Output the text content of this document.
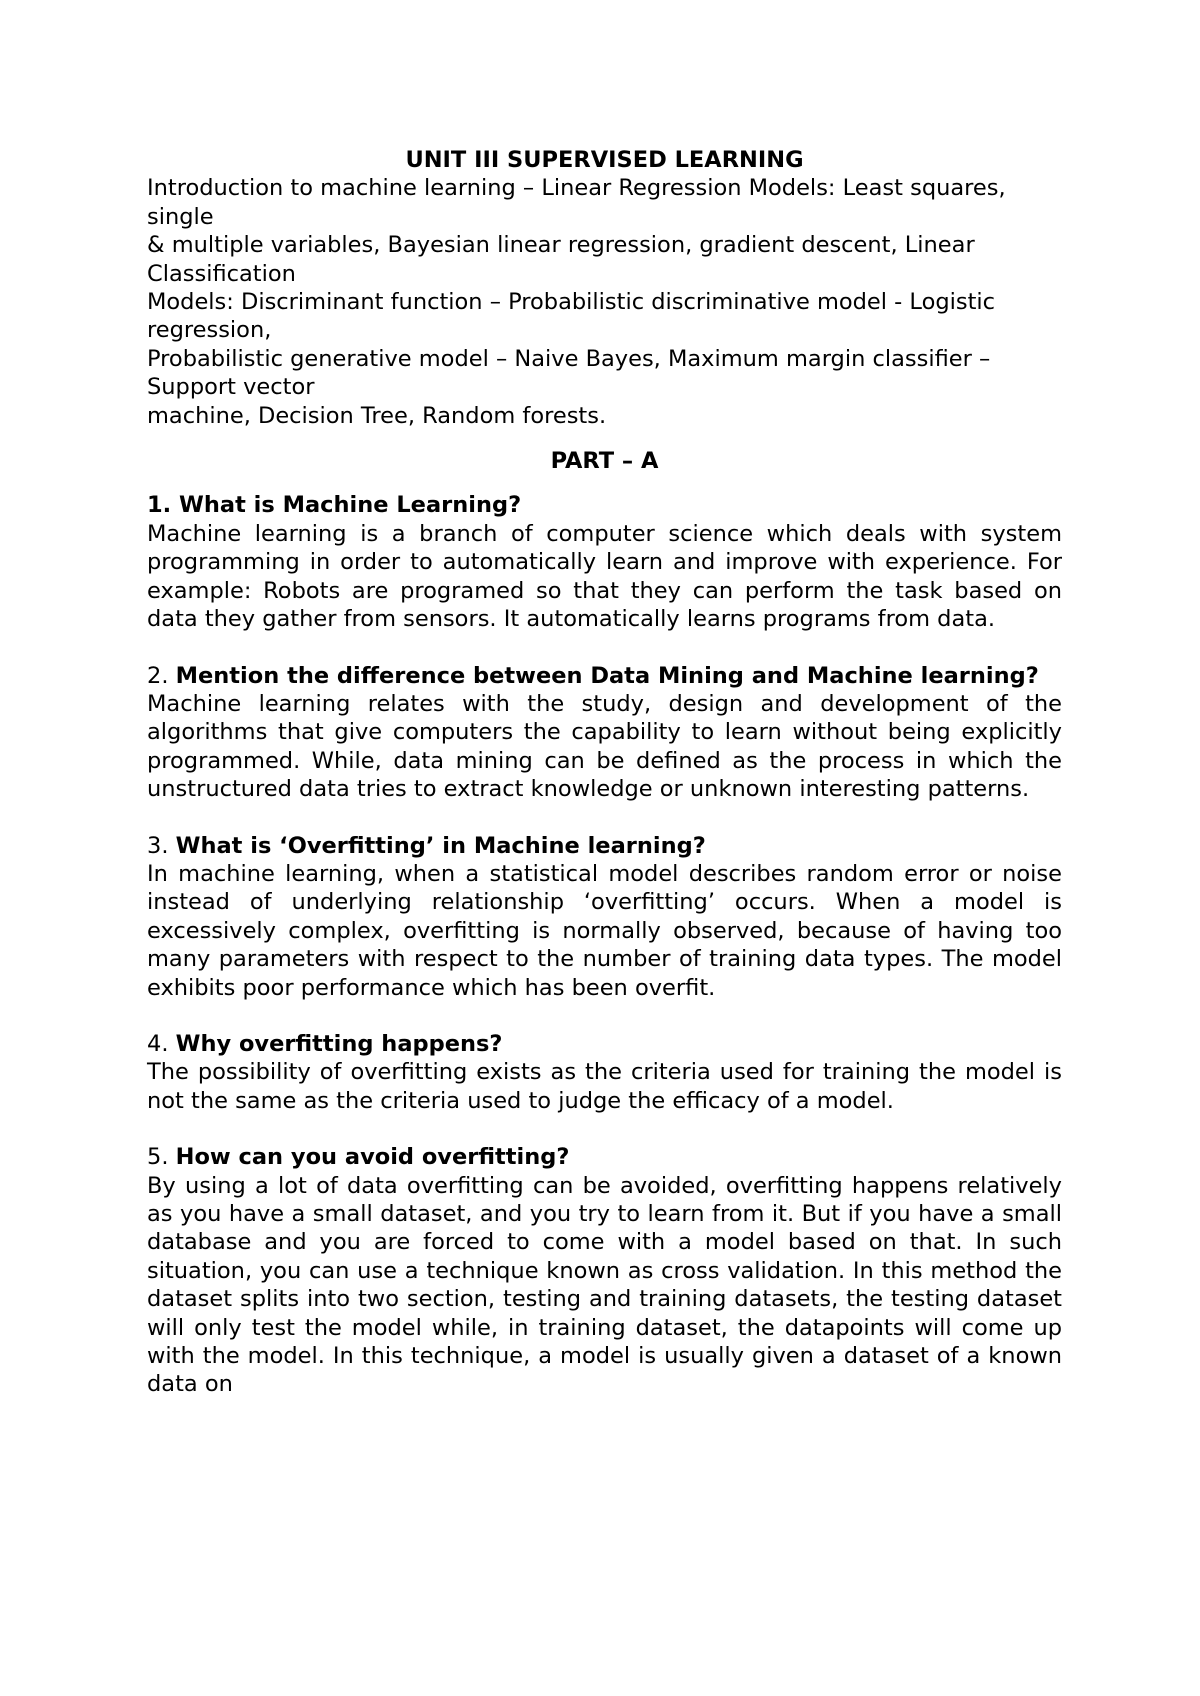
UNIT III SUPERVISED LEARNING

Introduction to machine learning – Linear Regression Models: Least squares, single
& multiple variables, Bayesian linear regression, gradient descent, Linear Classification
Models: Discriminant function – Probabilistic discriminative model - Logistic regression,
Probabilistic generative model – Naive Bayes, Maximum margin classifier – Support vector
machine, Decision Tree, Random forests.

PART – A

1. What is Machine Learning?

Machine learning is a branch of computer science which deals with system programming in order to automatically learn and improve with experience. For example: Robots are programed so that they can perform the task based on data they gather from sensors. It automatically learns programs from data.

2. Mention the difference between Data Mining and Machine learning?

Machine learning relates with the study, design and development of the algorithms that give computers the capability to learn without being explicitly programmed. While, data mining can be defined as the process in which the unstructured data tries to extract knowledge or unknown interesting patterns.

3. What is ‘Overfitting’ in Machine learning?

In machine learning, when a statistical model describes random error or noise instead of underlying relationship ‘overfitting’ occurs. When a model is excessively complex, overfitting is normally observed, because of having too many parameters with respect to the number of training data types. The model exhibits poor performance which has been overfit.

4. Why overfitting happens?

The possibility of overfitting exists as the criteria used for training the model is not the same as the criteria used to judge the efficacy of a model.

5. How can you avoid overfitting?

By using a lot of data overfitting can be avoided, overfitting happens relatively as you have a small dataset, and you try to learn from it. But if you have a small database and you are forced to come with a model based on that. In such situation, you can use a technique known as cross validation. In this method the dataset splits into two section, testing and training datasets, the testing dataset will only test the model while, in training dataset, the datapoints will come up with the model. In this technique, a model is usually given a dataset of a known data on
